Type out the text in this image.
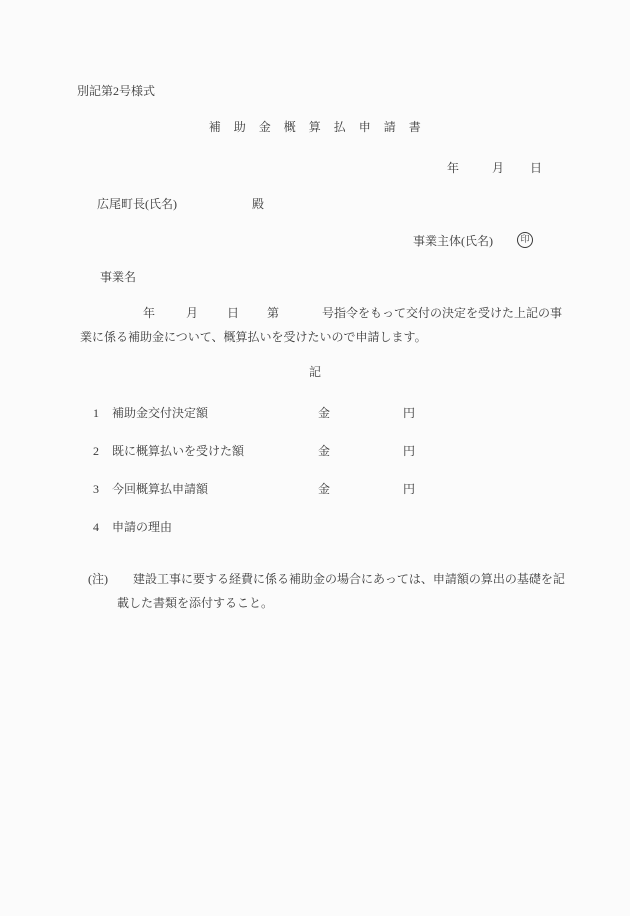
別記第2号様式
補　助　金　概　算　払　申　請　書
年	月 日
広尾町長(氏名)	殿
事業主体(氏名)	印
事業名
年	月 日 第	号指令をもって交付の決定を受けた上記の事
業に係る補助金について、概算払いを受けたいので申請します。
記
1 補助金交付決定額	金	円
2 既に概算払いを受けた額	金	円
3 今回概算払申請額	金	円
4 申請の理由
(注) 建設工事に要する経費に係る補助金の場合にあっては、申請額の算出の基礎を記
載した書類を添付すること。
